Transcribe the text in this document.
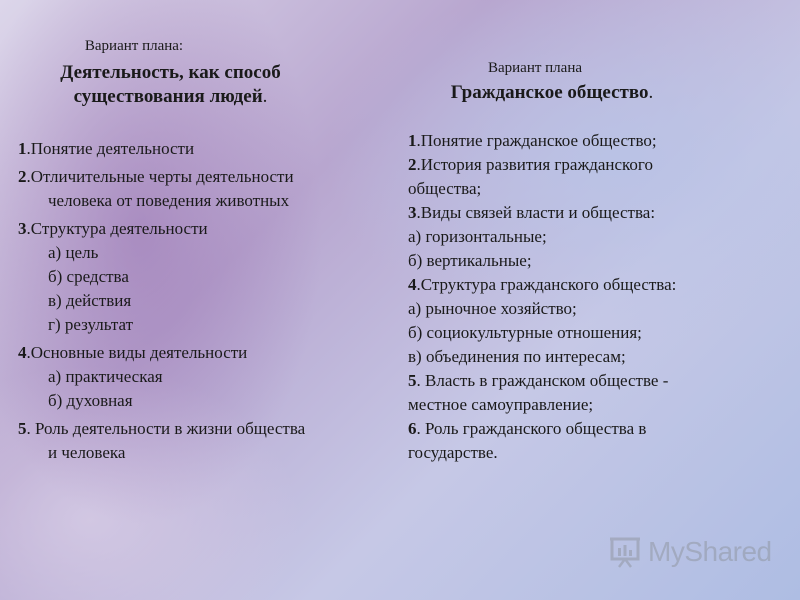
Вариант плана:

Деятельность, как способ
существования людей.
1.Понятие деятельности
2.Отличительные черты деятельности
человека от поведения животных
3.Структура деятельности
а) цель
б) средства
в) действия
г) результат
4.Основные виды деятельности
а) практическая
б) духовная
5. Роль деятельности в жизни общества
и человека

Вариант плана

Гражданское общество.
1.Понятие гражданское общество;
2.История развития гражданского
общества;
3.Виды связей власти и общества:
а) горизонтальные;
б) вертикальные;
4.Структура гражданского общества:
а) рыночное хозяйство;
б) социокультурные отношения;
в) объединения по интересам;
5. Власть в гражданском обществе -
местное самоуправление;
6. Роль гражданского общества в
государстве.
MyShared
